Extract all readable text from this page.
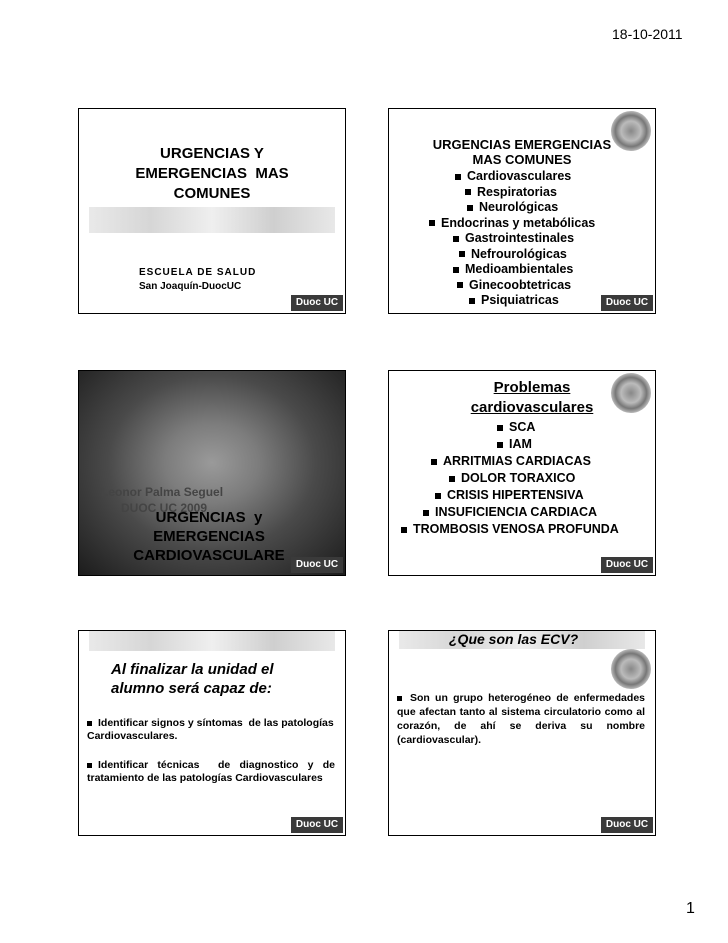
18-10-2011
URGENCIAS Y
EMERGENCIAS  MAS
COMUNES
ESCUELA DE SALUD
San Joaquín-DuocUC
Duoc UC
URGENCIAS EMERGENCIAS
MAS COMUNES
Cardiovasculares
Respiratorias
Neurológicas
Endocrinas y metabólicas
Gastrointestinales
Nefrourológicas
Medioambientales
Ginecoobtetricas
Psiquiatricas	Duoc UC
Leonor Palma Seguel
DUOC UC 2009
URGENCIAS  y
EMERGENCIAS
CARDIOVASCULARE
Duoc UC
Problemas
cardiovasculares
SCA
IAM
ARRITMIAS CARDIACAS
DOLOR TORAXICO
CRISIS HIPERTENSIVA
INSUFICIENCIA CARDIACA
TROMBOSIS VENOSA PROFUNDA
Duoc UC
Al finalizar la unidad el
alumno será capaz de:
Identificar signos y síntomas  de las patologías Cardiovasculares.
Identificar técnicas  de diagnostico y de tratamiento de las patologías Cardiovasculares
Duoc UC
¿Que son las ECV?
Son un grupo heterogéneo de enfermedades que afectan tanto al sistema circulatorio como al corazón, de ahí se deriva su nombre (cardiovascular).
Duoc UC
1
